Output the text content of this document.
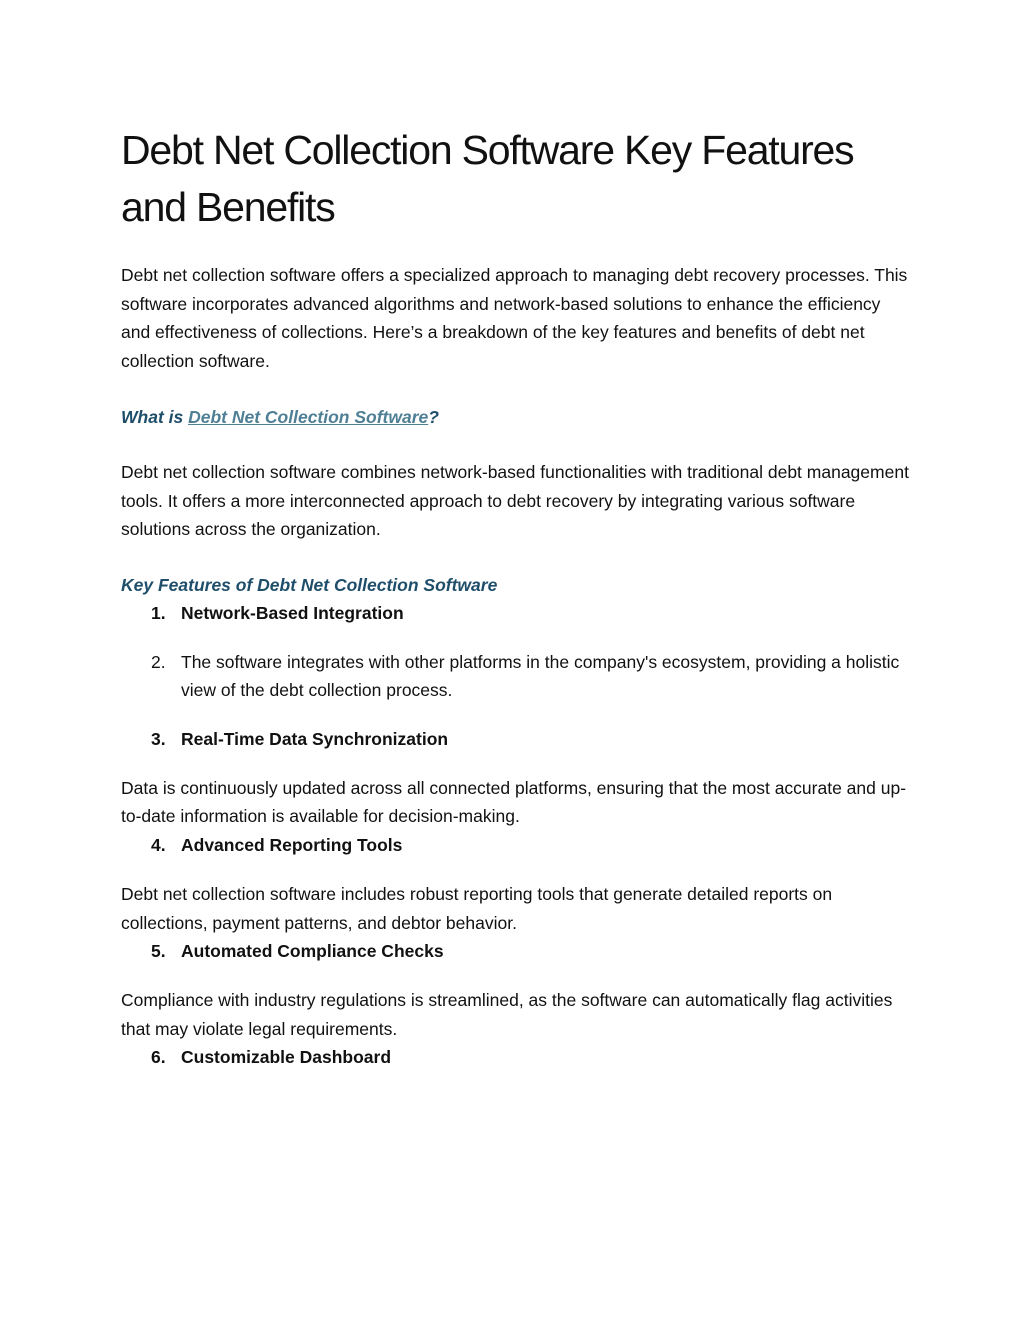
Debt Net Collection Software Key Features and Benefits

Debt net collection software offers a specialized approach to managing debt recovery processes. This software incorporates advanced algorithms and network-based solutions to enhance the efficiency and effectiveness of collections. Here’s a breakdown of the key features and benefits of debt net collection software.

What is Debt Net Collection Software?

Debt net collection software combines network-based functionalities with traditional debt management tools. It offers a more interconnected approach to debt recovery by integrating various software solutions across the organization.

Key Features of Debt Net Collection Software

1. Network-Based Integration
2. The software integrates with other platforms in the company's ecosystem, providing a holistic view of the debt collection process.
3. Real-Time Data Synchronization

Data is continuously updated across all connected platforms, ensuring that the most accurate and up-to-date information is available for decision-making.

4. Advanced Reporting Tools

Debt net collection software includes robust reporting tools that generate detailed reports on collections, payment patterns, and debtor behavior.

5. Automated Compliance Checks

Compliance with industry regulations is streamlined, as the software can automatically flag activities that may violate legal requirements.

6. Customizable Dashboard
